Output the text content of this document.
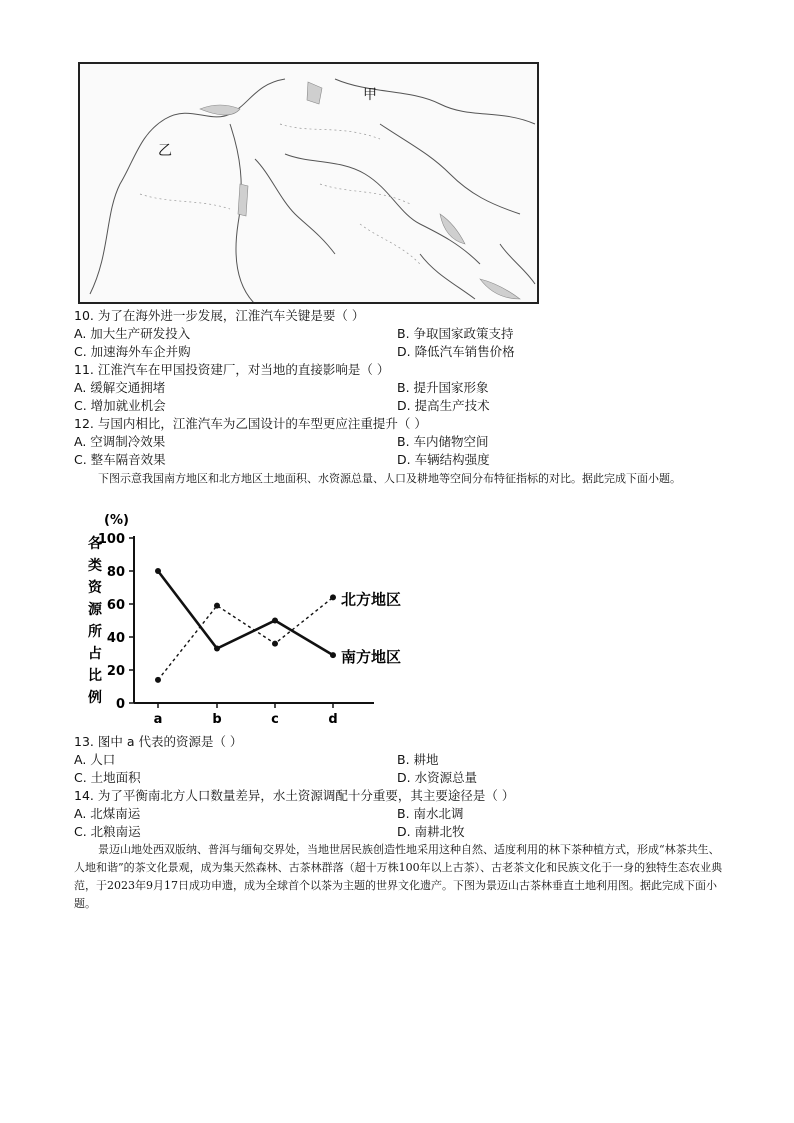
甲
乙
10. 为了在海外进一步发展，江淮汽车关键是要（ ）
A. 加大生产研发投入	B. 争取国家政策支持
C. 加速海外车企并购	D. 降低汽车销售价格
11. 江淮汽车在甲国投资建厂，对当地的直接影响是（ ）
A. 缓解交通拥堵	B. 提升国家形象
C. 增加就业机会	D. 提高生产技术
12. 与国内相比，江淮汽车为乙国设计的车型更应注重提升（ ）
A. 空调制冷效果	B. 车内储物空间
C. 整车隔音效果	D. 车辆结构强度
下图示意我国南方地区和北方地区土地面积、水资源总量、人口及耕地等空间分布特征指标的对比。据此完成下面小题。
(%)
各类资源所占比例 0
20
40
60
80
100
a	b	c	d
南方地区
北方地区
13. 图中 a 代表的资源是（ ）
A. 人口	B. 耕地
C. 土地面积	D. 水资源总量
14. 为了平衡南北方人口数量差异，水土资源调配十分重要，其主要途径是（ ）
A. 北煤南运	B. 南水北调
C. 北粮南运	D. 南耕北牧
景迈山地处西双版纳、普洱与缅甸交界处，当地世居民族创造性地采用这种自然、适度利用的林下茶种植方式，形成“林茶共生、人地和谐”的茶文化景观，成为集天然森林、古茶林群落（超十万株100年以上古茶）、古老茶文化和民族文化于一身的独特生态农业典范，于2023年9月17日成功申遗，成为全球首个以茶为主题的世界文化遗产。下图为景迈山古茶林垂直土地利用图。据此完成下面小题。
